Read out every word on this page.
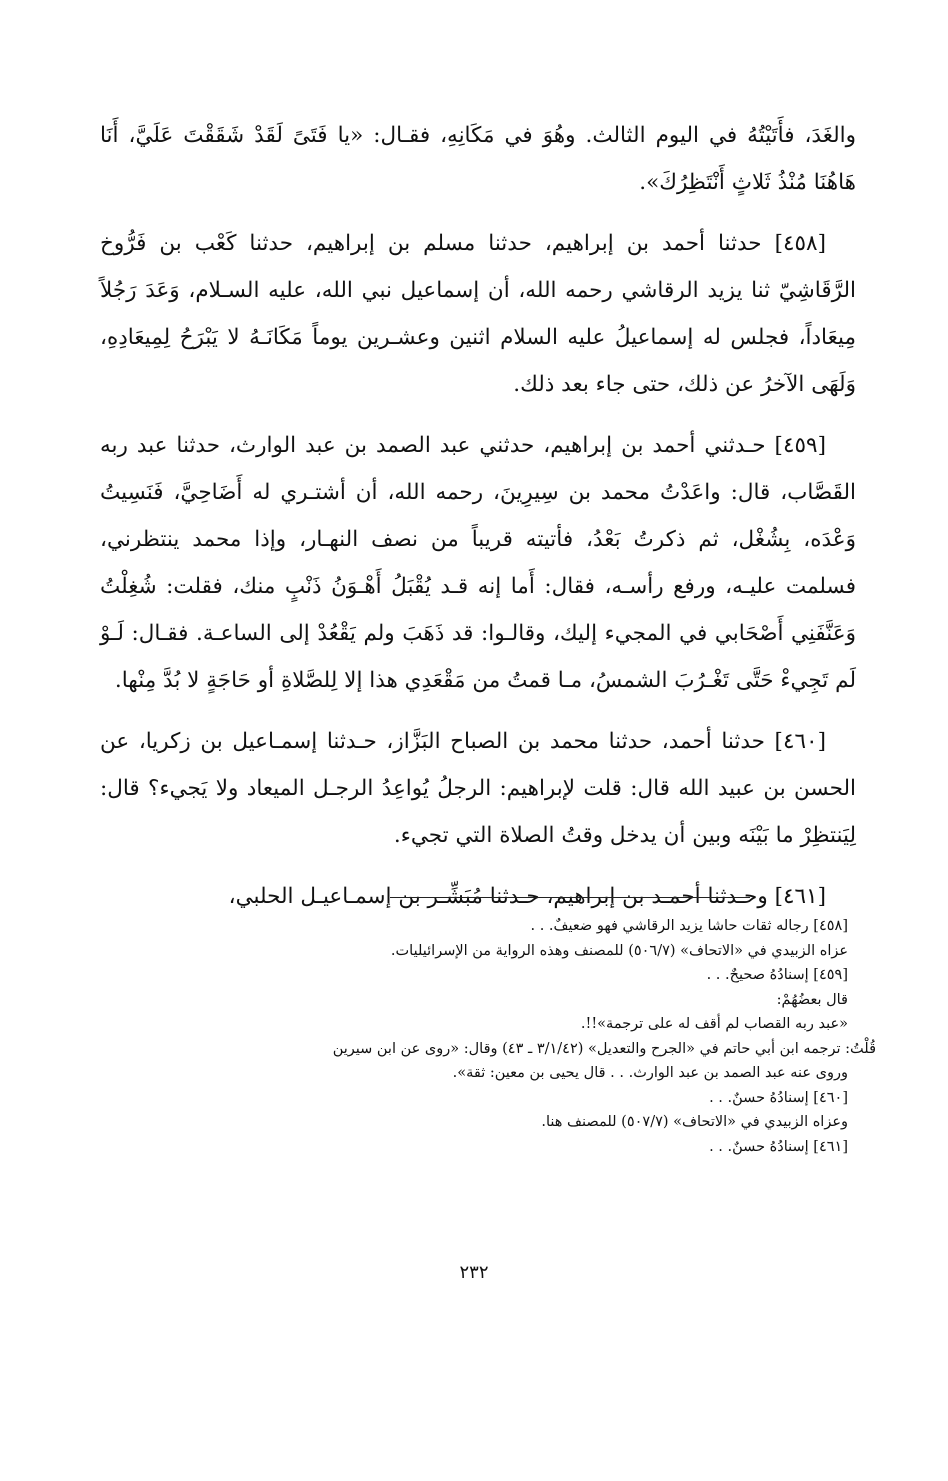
والغَدَ، فأَتَيْتُهُ في اليوم الثالث. وهُوَ في مَكَانِهِ، فقـال: «يا فَتَىً لَقَدْ شَقَقْتَ عَلَيَّ، أَنَا هَاهُنَا مُنْذُ ثَلاثٍ أَنْتَظِرُكَ».

[٤٥٨] حدثنا أحمد بن إبراهيم، حدثنا مسلم بن إبراهيم، حدثنا كَعْب بن فَرُّوخ الرَّقَاشِيّ ثنا يزيد الرقاشي رحمه الله، أن إسماعيل نبي الله، عليه السـلام، وَعَدَ رَجُلاً مِيعَاداً، فجلس له إسماعيلُ عليه السلام اثنين وعشـرين يوماً مَكَانَـهُ لا يَبْرَحُ لِمِيعَادِهِ، وَلَهَى الآخرُ عن ذلك، حتى جاء بعد ذلك.

[٤٥٩] حـدثني أحمد بن إبراهيم، حدثني عبد الصمد بن عبد الوارث، حدثنا عبد ربه القَصَّاب، قال: واعَدْتُ محمد بن سِيرِينَ، رحمه الله، أن أشتـري له أَضَاحِيَّ، فَنَسِيتُ وَعْدَه، بِشُغْل، ثم ذكرتُ بَعْدُ، فأتيته قريباً من نصف النهـار، وإذا محمد ينتظرني، فسلمت عليـه، ورفع رأسـه، فقال: أَما إنه قـد يُقْبَلُ أَهْـوَنُ ذَنْبٍ منك، فقلت: شُغِلْتُ وَعَنَّفَنِي أَصْحَابي في المجيء إليك، وقالـوا: قد ذَهَبَ ولم يَقْعُدْ إلى الساعـة. فقـال: لَـوْ لَم تَجِيءْ حَتَّى تَغْـرُبَ الشمسُ، مـا قمتُ من مَقْعَدِي هذا إلا لِلصَّلاةِ أو حَاجَةٍ لا بُدَّ مِنْها.

[٤٦٠] حدثنا أحمد، حدثنا محمد بن الصباح البَزَّاز، حـدثنا إسمـاعيل بن زكريا، عن الحسن بن عبيد الله قال: قلت لإبراهيم: الرجلُ يُواعِدُ الرجـل الميعاد ولا يَجيء؟ قال: لِيَنتظِرْ ما بَيْنَه وبين أن يدخل وقتُ الصلاة التي تجيء.

[٤٦١] وحـدثنا أحمـد بن إبراهيم، حـدثنا مُبَشِّـر بن إسمـاعيـل الحلبي،

[٤٥٨] رجاله ثقات حاشا يزيد الرقاشي فهو ضعيفٌ. . .
عزاه الزبيدي في «الاتحاف» (٥٠٦/٧) للمصنف وهذه الرواية من الإسرائيليات.
[٤٥٩] إسنادُهُ صحيحٌ. . .
قال بعضُهُمْ:
«عبد ربه القصاب لم أقف له على ترجمة»!!.
قُلْتُ: ترجمه ابن أبي حاتم في «الجرح والتعديل» (٣/١/٤٢ ـ ٤٣) وقال: «روى عن ابن سيرين
وروى عنه عبد الصمد بن عبد الوارث. . . قال يحيى بن معين: ثقة».
[٤٦٠] إسنادُهُ حسنٌ. . .
وعزاه الزبيدي في «الاتحاف» (٥٠٧/٧) للمصنف هنا.
[٤٦١] إسنادُهُ حسنٌ. . .
٢٣٢
